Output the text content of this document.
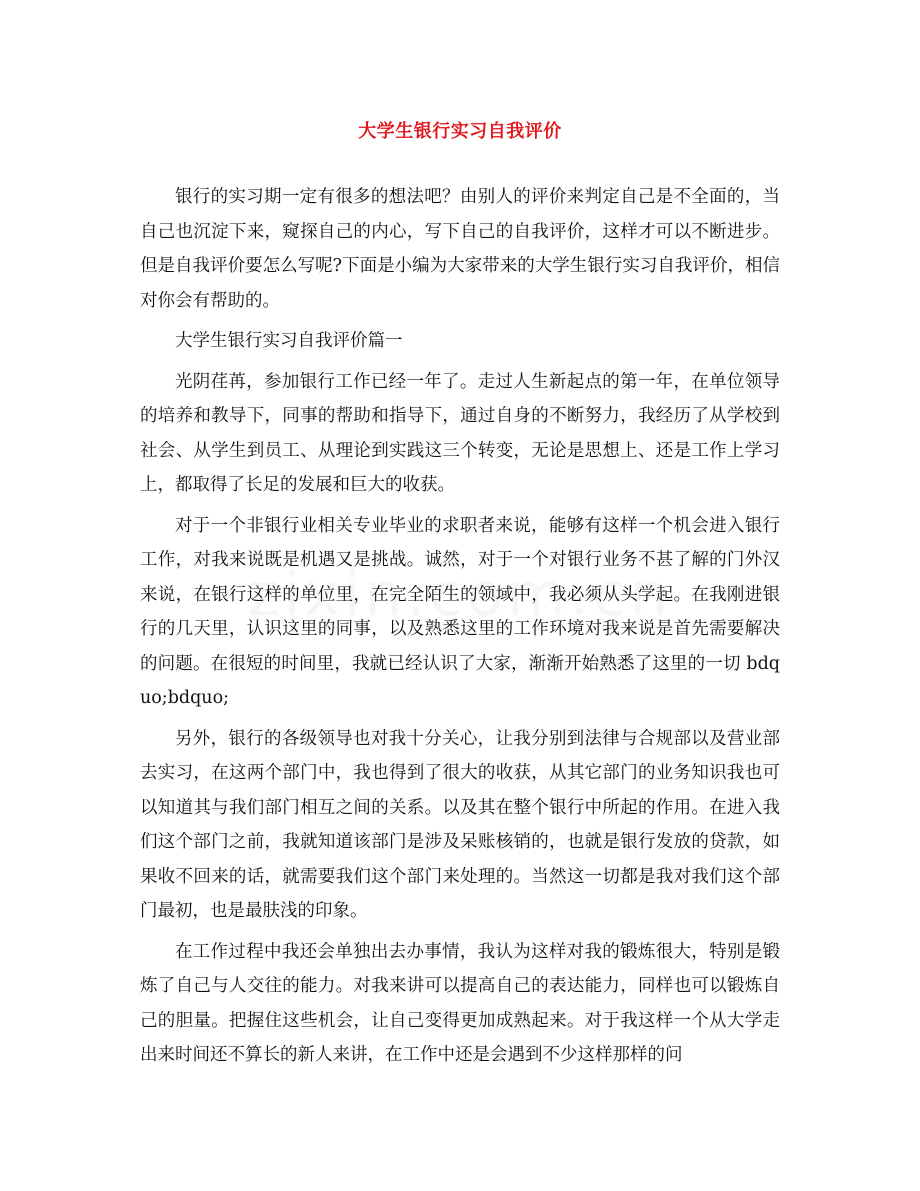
大学生银行实习自我评价

银行的实习期一定有很多的想法吧？由别人的评价来判定自己是不全面的，当自己也沉淀下来，窥探自己的内心，写下自己的自我评价，这样才可以不断进步。但是自我评价要怎么写呢?下面是小编为大家带来的大学生银行实习自我评价，相信对你会有帮助的。

大学生银行实习自我评价篇一

光阴荏苒，参加银行工作已经一年了。走过人生新起点的第一年，在单位领导的培养和教导下，同事的帮助和指导下，通过自身的不断努力，我经历了从学校到社会、从学生到员工、从理论到实践这三个转变，无论是思想上、还是工作上学习上，都取得了长足的发展和巨大的收获。

对于一个非银行业相关专业毕业的求职者来说，能够有这样一个机会进入银行工作，对我来说既是机遇又是挑战。诚然，对于一个对银行业务不甚了解的门外汉来说，在银行这样的单位里，在完全陌生的领域中，我必须从头学起。在我刚进银行的几天里，认识这里的同事，以及熟悉这里的工作环境对我来说是首先需要解决的问题。在很短的时间里，我就已经认识了大家，渐渐开始熟悉了这里的一切 bdquo;bdquo;

另外，银行的各级领导也对我十分关心，让我分别到法律与合规部以及营业部去实习，在这两个部门中，我也得到了很大的收获，从其它部门的业务知识我也可以知道其与我们部门相互之间的关系。以及其在整个银行中所起的作用。在进入我们这个部门之前，我就知道该部门是涉及呆账核销的，也就是银行发放的贷款，如果收不回来的话，就需要我们这个部门来处理的。当然这一切都是我对我们这个部门最初，也是最肤浅的印象。

在工作过程中我还会单独出去办事情，我认为这样对我的锻炼很大，特别是锻炼了自己与人交往的能力。对我来讲可以提高自己的表达能力，同样也可以锻炼自己的胆量。把握住这些机会，让自己变得更加成熟起来。对于我这样一个从大学走出来时间还不算长的新人来讲，在工作中还是会遇到不少这样那样的问
